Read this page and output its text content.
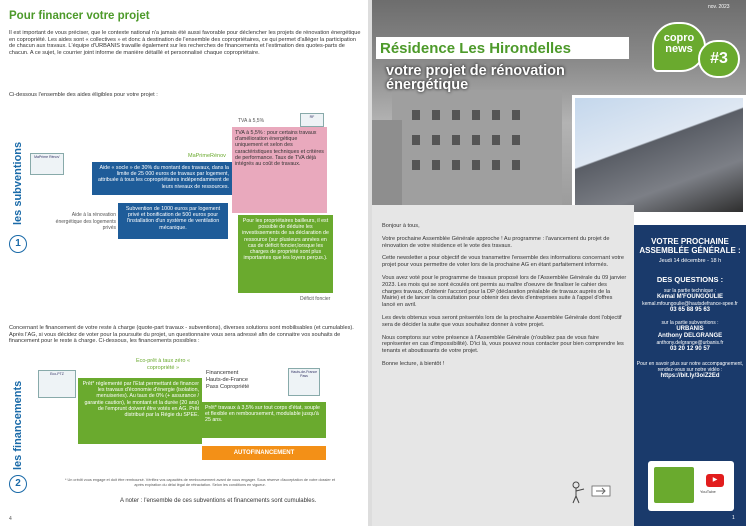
Pour financer votre projet
Il est important de vous préciser, que le contexte national n'a jamais été aussi favorable pour déclencher les projets de rénovation énergétique en copropriété. Les aides sont « collectives » et donc à destination de l'ensemble des copropriétaires, ce qui permet d'alléger la participation de chacun aux travaux. L'équipe d'URBANIS travaille également sur les recherches de financements et l'estimation des quotes-parts de chacun. A ce sujet, le courrier joint informe de manière détaillé et personnalisé chaque copropriétaire.
Ci-dessous l'ensemble des aides éligibles pour votre projet :
les subventions
1
TVA à 5,5%
RF
TVA à 5,5% : pour certains travaux d'amélioration énergétique uniquement et selon des caractéristiques techniques et critères de performance. Taux de TVA déjà intégrés au coût de travaux.
MaPrimeRénov
Aide « socle » de 30% du montant des travaux, dans la limite de 25 000 euros de travaux par logement, attribuée à tous les copropriétaires indépendamment de leurs niveaux de ressources.
MaPrime Rénov'
Subvention de 1000 euros par logement privé et bonification de 500 euros pour l'installation d'un système de ventilation mécanique.
Aide à la rénovation énergétique des logements privés
Pour les propriétaires bailleurs, il est possible de déduire les investissements de sa déclaration de ressource (sur plusieurs années en cas de déficit foncier,lorsque les charges de propriété sont plus importantes que les loyers perçus.).
Déficit foncier
Concernant le financement de votre reste à charge (quote-part travaux - subventions), diverses solutions sont mobilisables (et cumulables). Après l'AG, si vous décidez de voter pour la poursuite du projet, un questionnaire vous sera adressé afin de connaitre vos souhaits de financement pour le reste à charge. Ci-dessous, les financements possibles :
les financements
2
Eco-prêt à taux zéro « copropriété »
Eco-PTZ
Prêt* réglementé par l'Etat permettant de financer les travaux d'économie d'énergie (isolation, menuiseries). Au taux de 0% (+ assurance / garantie caution), le montant et la durée (20 ans) de l'emprunt doivent être votés en AG. Prêt distribué par la Régie du SPEE.
Financement
Hauts-de-France
Pass Copropriété
Hauts-de-France Pass
Prêt* travaux à 3,5% sur tout corps d'état, souple et flexible en remboursement, modulable jusqu'à 25 ans.
AUTOFINANCEMENT
* Un crédit vous engage et doit être remboursé. Vérifiez vos capacités de remboursement avant de vous engager. Sous réserve d'acceptation de votre dossier et après expiration du délai légal de rétractation. Selon les conditions en vigueur.
A noter : l'ensemble de ces subventions et financements sont cumulables.
4
nov. 2023
Résidence Les Hirondelles
votre projet de rénovation
énergétique
copro
news
#3

Bonjour à tous,

Votre prochaine Assemblée Générale approche ! Au programme : l'avancement du projet de rénovation de votre résidence et le vote des travaux.

Cette newsletter a pour objectif de vous transmettre l'ensemble des informations concernant votre projet pour vous permettre de voter lors de la prochaine AG en étant parfaitement informés.

Vous avez voté pour le programme de travaux proposé lors de l'Assemblée Générale du 09 janvier 2023. Les mois qui se sont écoulés ont permis au maître d'oeuvre de finaliser le cahier des charges travaux, d'obtenir l'accord pour la DP (déclaration préalable de travaux auprès de la Mairie) et de lancer la consultation pour obtenir des devis d'entreprises suite à l'appel d'offres lancé en avril.

Les devis obtenus vous seront présentés lors de la prochaine Assemblée Générale dont l'objectif sera de décider la suite que vous souhaitez donner à votre projet.

Nous comptons sur votre présence à l'Assemblée Générale (n'oubliez pas de vous faire représenter en cas d'impossibilité). D'ici là, vous pouvez nous contacter pour bien comprendre les tenants et aboutissants de votre projet.

Bonne lecture, à bientôt !

VOTRE PROCHAINE ASSEMBLÉE GÉNÉRALE :
Jeudi 14 décembre - 18 h
DES QUESTIONS :
sur la partie technique :
Kemal M'FOUNGOULIE
kemal.mfoungoulie@hautsdefrance-spee.fr
03 65 88 95 63
sur la partie subventions :
URBANIS
Anthony DELGRANGE
anthony.delgrange@urbanis.fr
03 20 12 90 57
Pour en savoir plus sur notre accompagnement, rendez-vous sur notre vidéo :
https://bit.ly/3oiZ2Ed
▶
YouTube
1
